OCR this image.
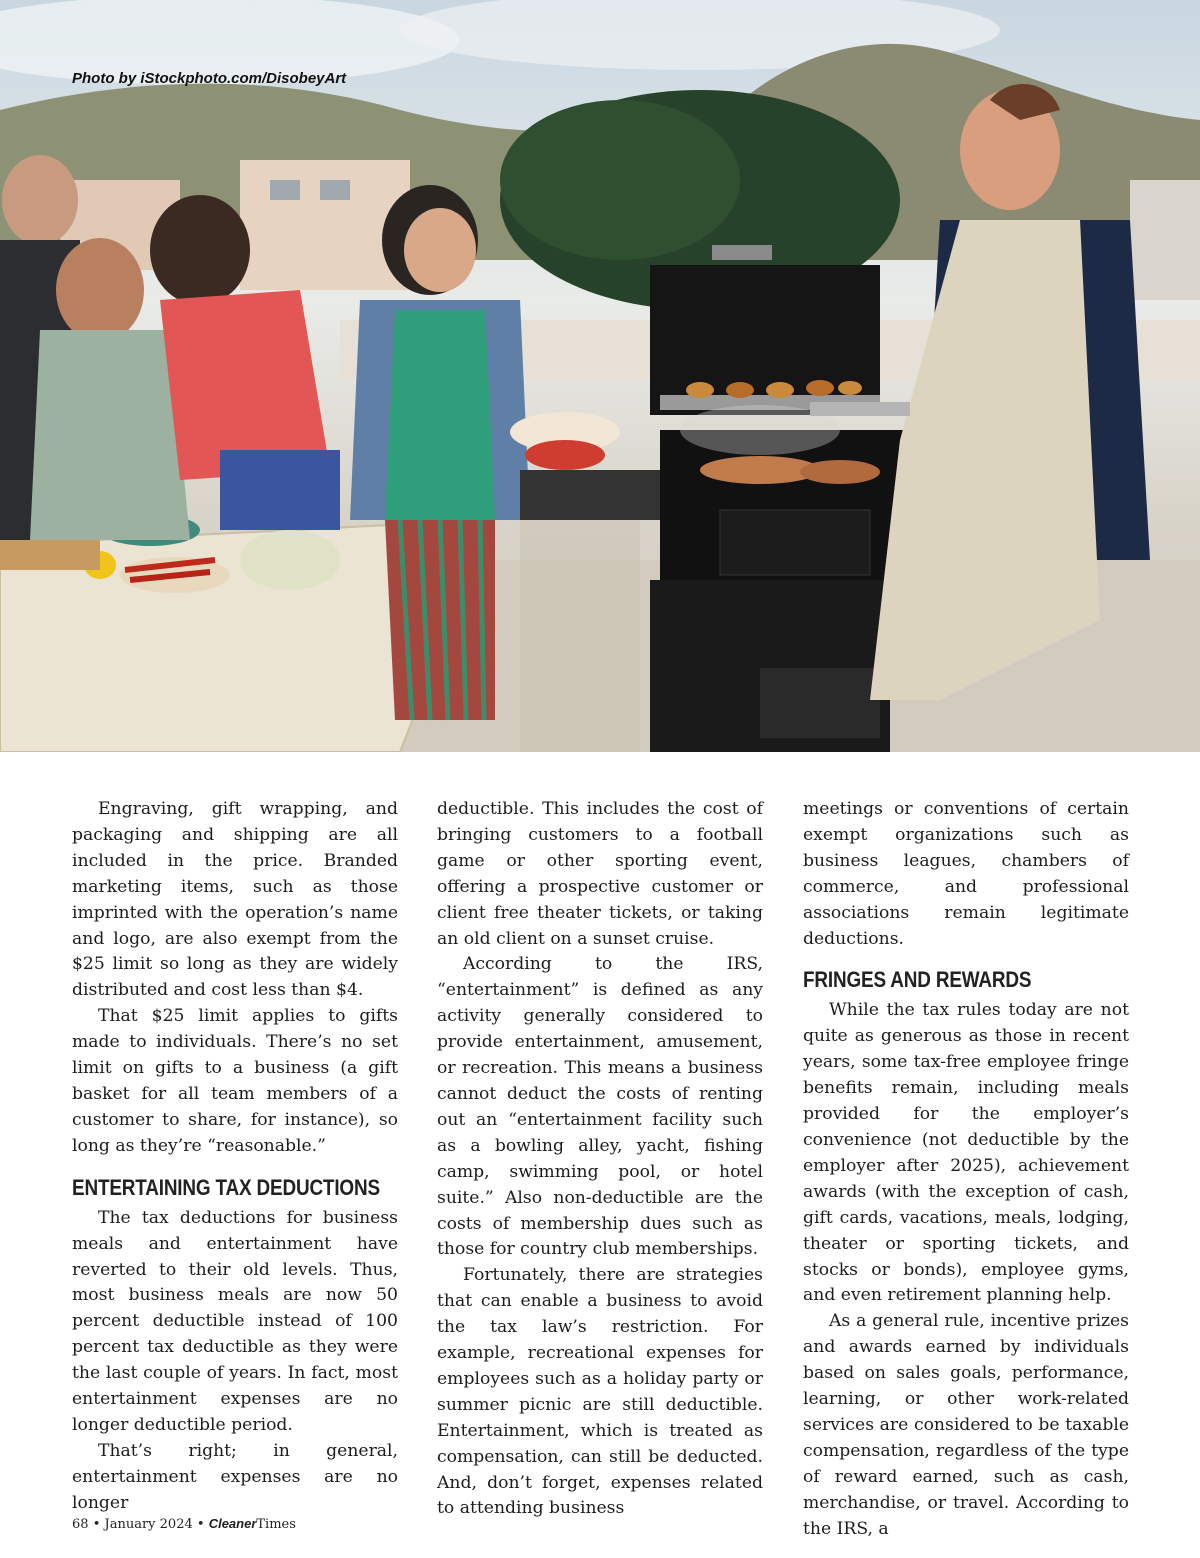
Photo by iStockphoto.com/DisobeyArt

Engraving, gift wrapping, and packaging and shipping are all included in the price. Branded marketing items, such as those imprinted with the operation’s name and logo, are also exempt from the $25 limit so long as they are widely distributed and cost less than $4.

That $25 limit applies to gifts made to individuals. There’s no set limit on gifts to a business (a gift basket for all team members of a customer to share, for instance), so long as they’re “reasonable.”

ENTERTAINING TAX DEDUCTIONS

The tax deductions for business meals and entertainment have reverted to their old levels. Thus, most business meals are now 50 percent deductible instead of 100 percent tax deductible as they were the last couple of years. In fact, most entertainment expenses are no longer deductible period.

That’s right; in general, entertainment expenses are no longer

deductible. This includes the cost of bringing customers to a football game or other sporting event, offering a prospective customer or client free theater tickets, or taking an old client on a sunset cruise.

According to the IRS, “entertainment” is defined as any activity generally considered to provide entertainment, amusement, or recreation. This means a business cannot deduct the costs of renting out an “entertainment facility such as a bowling alley, yacht, fishing camp, swimming pool, or hotel suite.” Also non-deductible are the costs of membership dues such as those for country club memberships.

Fortunately, there are strategies that can enable a business to avoid the tax law’s restriction. For example, recreational expenses for employees such as a holiday party or summer picnic are still deductible. Entertainment, which is treated as compensation, can still be deducted. And, don’t forget, expenses related to attending business

meetings or conventions of certain exempt organizations such as business leagues, chambers of commerce, and professional associations remain legitimate deductions.

FRINGES AND REWARDS

While the tax rules today are not quite as generous as those in recent years, some tax-free employee fringe benefits remain, including meals provided for the employer’s convenience (not deductible by the employer after 2025), achievement awards (with the exception of cash, gift cards, vacations, meals, lodging, theater or sporting tickets, and stocks or bonds), employee gyms, and even retirement planning help.

As a general rule, incentive prizes and awards earned by individuals based on sales goals, performance, learning, or other work-related services are considered to be taxable compensation, regardless of the type of reward earned, such as cash, merchandise, or travel. According to the IRS, a

68 • January 2024 • CleanerTimes
